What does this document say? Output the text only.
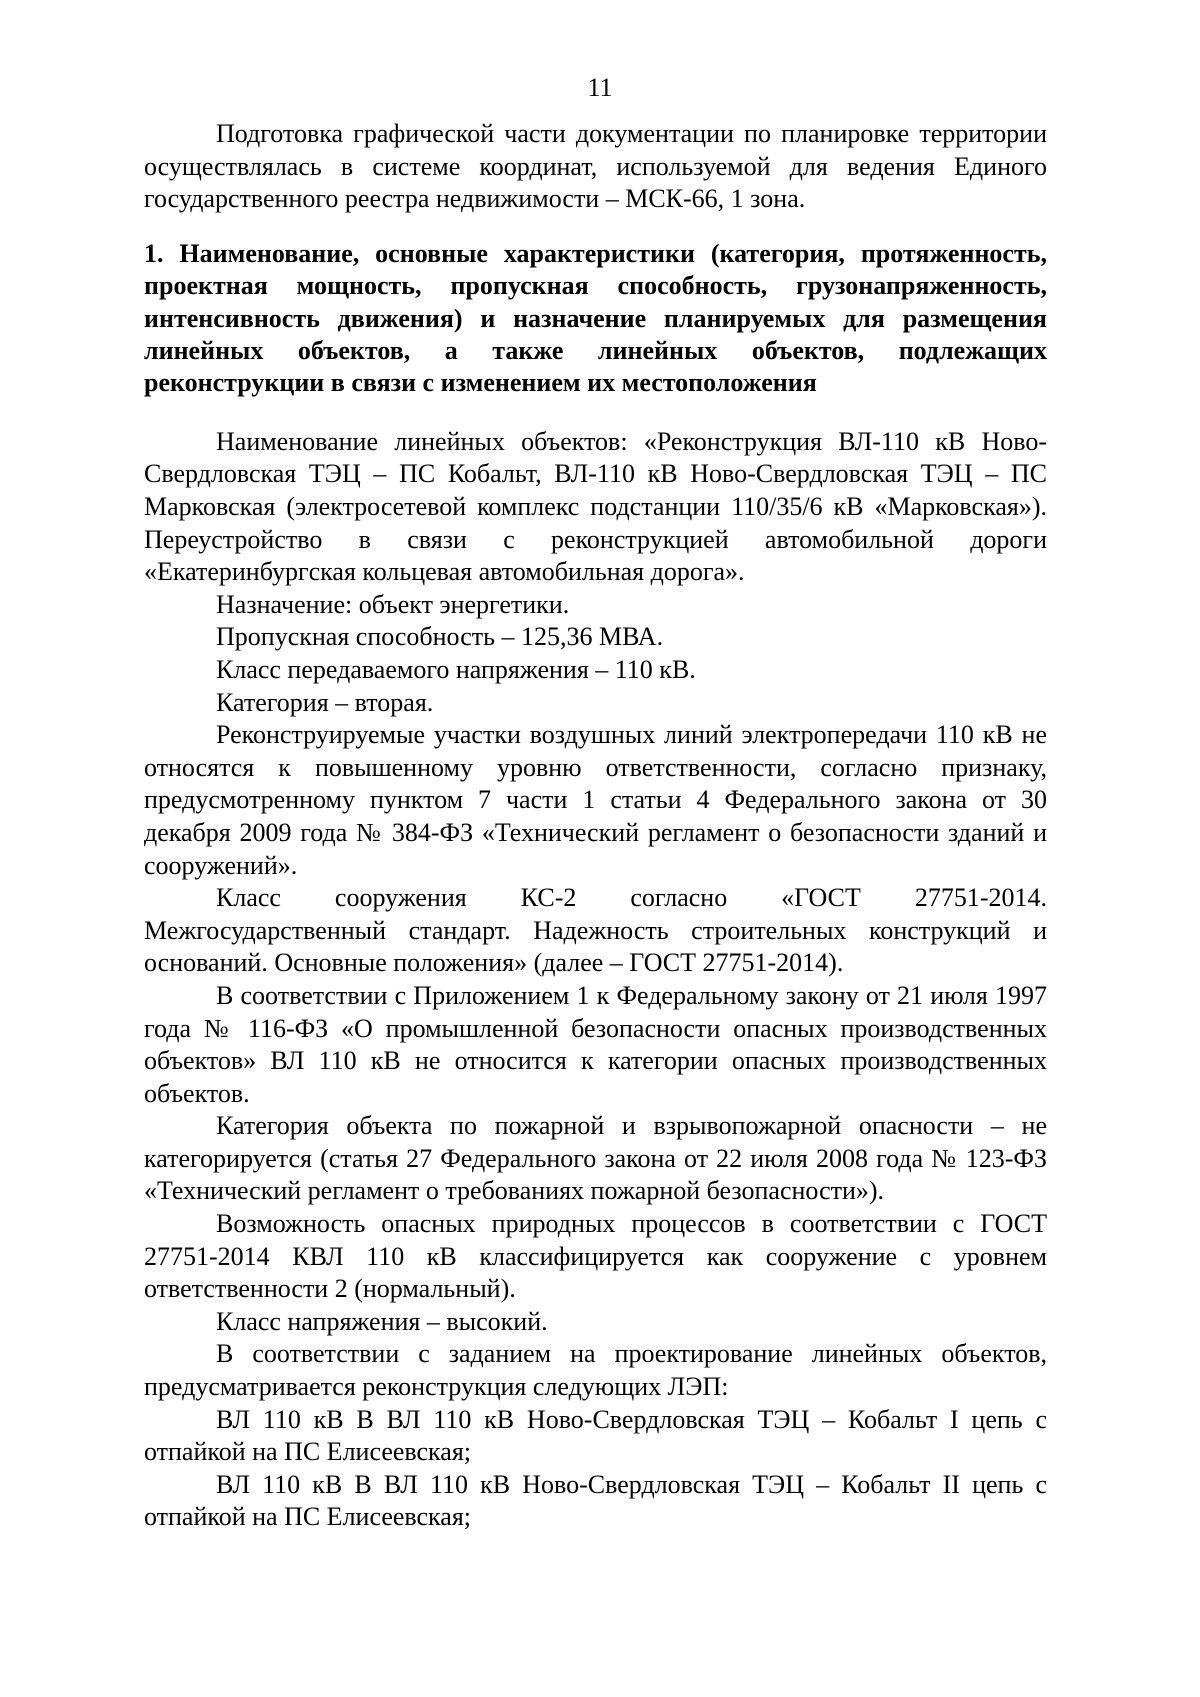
11

Подготовка графической части документации по планировке территории осуществлялась в системе координат, используемой для ведения Единого государственного реестра недвижимости – МСК-66, 1 зона.

1. Наименование, основные характеристики (категория, протяженность, проектная мощность, пропускная способность, грузонапряженность, интенсивность движения) и назначение планируемых для размещения линейных объектов, а также линейных объектов, подлежащих реконструкции в связи с изменением их местоположения

Наименование линейных объектов: «Реконструкция ВЛ-110 кВ Ново-Свердловская ТЭЦ – ПС Кобальт, ВЛ-110 кВ Ново-Свердловская ТЭЦ – ПС Марковская (электросетевой комплекс подстанции 110/35/6 кВ «Марковская»). Переустройство в связи с реконструкцией автомобильной дороги «Екатеринбургская кольцевая автомобильная дорога».

Назначение: объект энергетики.

Пропускная способность – 125,36 МВА.

Класс передаваемого напряжения – 110 кВ.

Категория – вторая.

Реконструируемые участки воздушных линий электропередачи 110 кВ не относятся к повышенному уровню ответственности, согласно признаку, предусмотренному пунктом 7 части 1 статьи 4 Федерального закона от 30 декабря 2009 года № 384-ФЗ «Технический регламент о безопасности зданий и сооружений».

Класс сооружения КС-2 согласно «ГОСТ 27751-2014. Межгосударственный стандарт. Надежность строительных конструкций и оснований. Основные положения» (далее – ГОСТ 27751-2014).

В соответствии с Приложением 1 к Федеральному закону от 21 июля 1997 года № 116-ФЗ «О промышленной безопасности опасных производственных объектов» ВЛ 110 кВ не относится к категории опасных производственных объектов.

Категория объекта по пожарной и взрывопожарной опасности – не категорируется (статья 27 Федерального закона от 22 июля 2008 года № 123-ФЗ «Технический регламент о требованиях пожарной безопасности»).

Возможность опасных природных процессов в соответствии с ГОСТ 27751-2014 КВЛ 110 кВ классифицируется как сооружение с уровнем ответственности 2 (нормальный).

Класс напряжения – высокий.

В соответствии с заданием на проектирование линейных объектов, предусматривается реконструкция следующих ЛЭП:

ВЛ 110 кВ В ВЛ 110 кВ Ново-Свердловская ТЭЦ – Кобальт I цепь с отпайкой на ПС Елисеевская;

ВЛ 110 кВ В ВЛ 110 кВ Ново-Свердловская ТЭЦ – Кобальт II цепь с отпайкой на ПС Елисеевская;
